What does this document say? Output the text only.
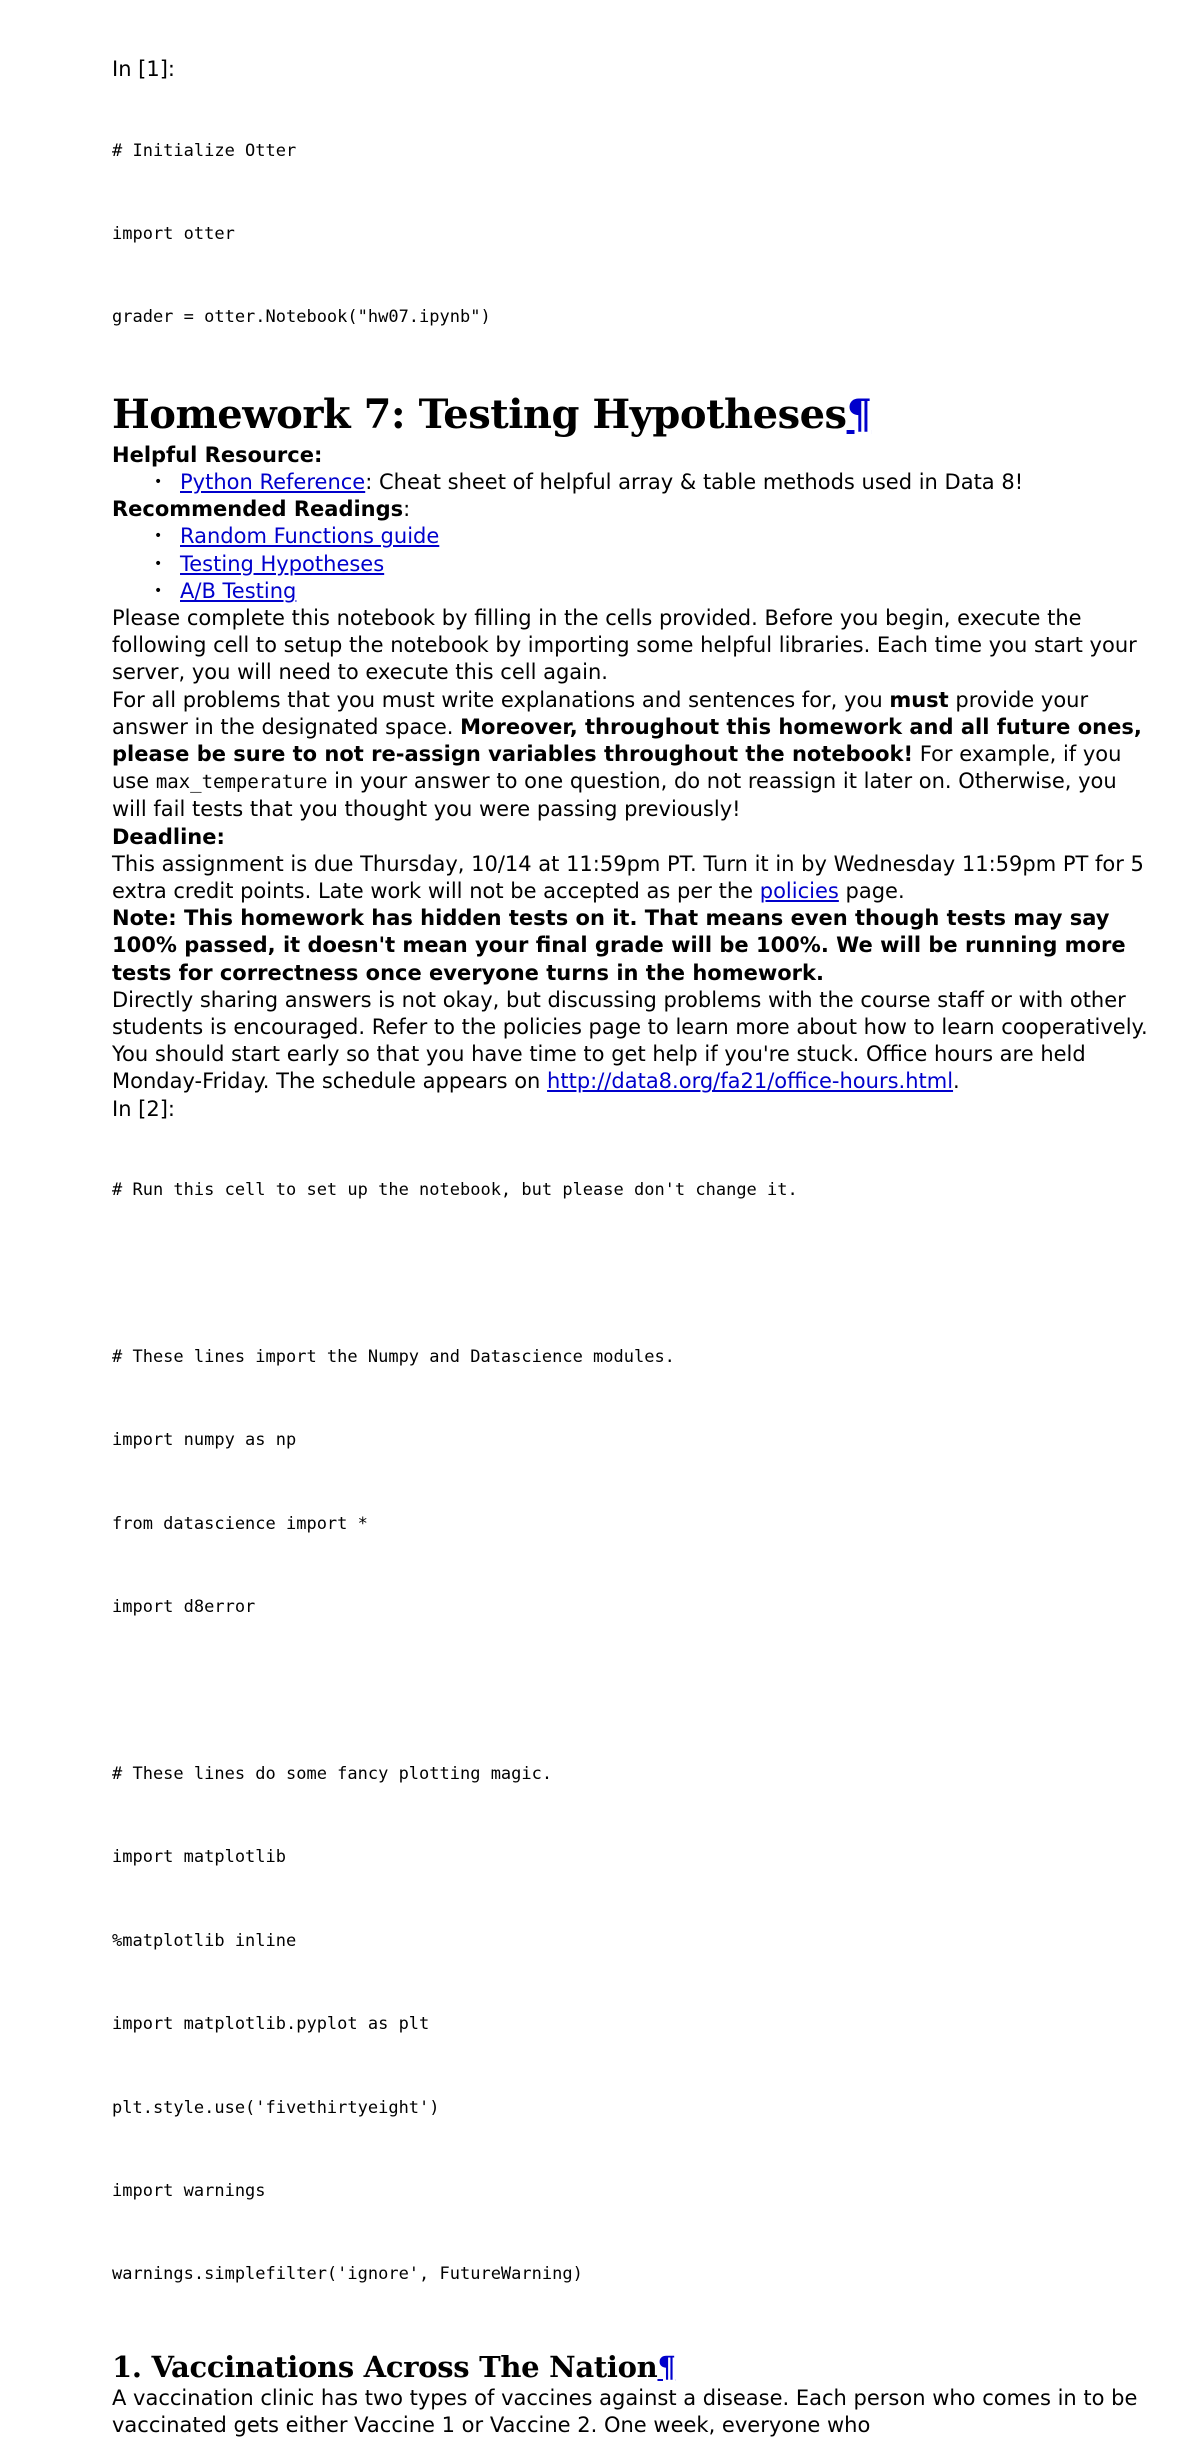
In [1]:

# Initialize Otter

import otter

grader = otter.Notebook("hw07.ipynb")

Homework 7: Testing Hypotheses¶
Helpful Resource:
• Python Reference: Cheat sheet of helpful array & table methods used in Data 8!
Recommended Readings:
• Random Functions guide
• Testing Hypotheses
• A/B Testing

Please complete this notebook by filling in the cells provided. Before you begin, execute the following cell to setup the notebook by importing some helpful libraries. Each time you start your server, you will need to execute this cell again.

For all problems that you must write explanations and sentences for, you must provide your answer in the designated space. Moreover, throughout this homework and all future ones, please be sure to not re-assign variables throughout the notebook! For example, if you use max_temperature in your answer to one question, do not reassign it later on. Otherwise, you will fail tests that you thought you were passing previously!

Deadline:

This assignment is due Thursday, 10/14 at 11:59pm PT. Turn it in by Wednesday 11:59pm PT for 5 extra credit points. Late work will not be accepted as per the policies page.

Note: This homework has hidden tests on it. That means even though tests may say 100% passed, it doesn't mean your final grade will be 100%. We will be running more tests for correctness once everyone turns in the homework.

Directly sharing answers is not okay, but discussing problems with the course staff or with other students is encouraged. Refer to the policies page to learn more about how to learn cooperatively.

You should start early so that you have time to get help if you're stuck. Office hours are held Monday-Friday. The schedule appears on http://data8.org/fa21/office-hours.html.

In [2]:

# Run this cell to set up the notebook, but please don't change it.

# These lines import the Numpy and Datascience modules.

import numpy as np

from datascience import *

import d8error

# These lines do some fancy plotting magic.

import matplotlib

%matplotlib inline

import matplotlib.pyplot as plt

plt.style.use('fivethirtyeight')

import warnings

warnings.simplefilter('ignore', FutureWarning)

1. Vaccinations Across The Nation¶

A vaccination clinic has two types of vaccines against a disease. Each person who comes in to be vaccinated gets either Vaccine 1 or Vaccine 2. One week, everyone who
